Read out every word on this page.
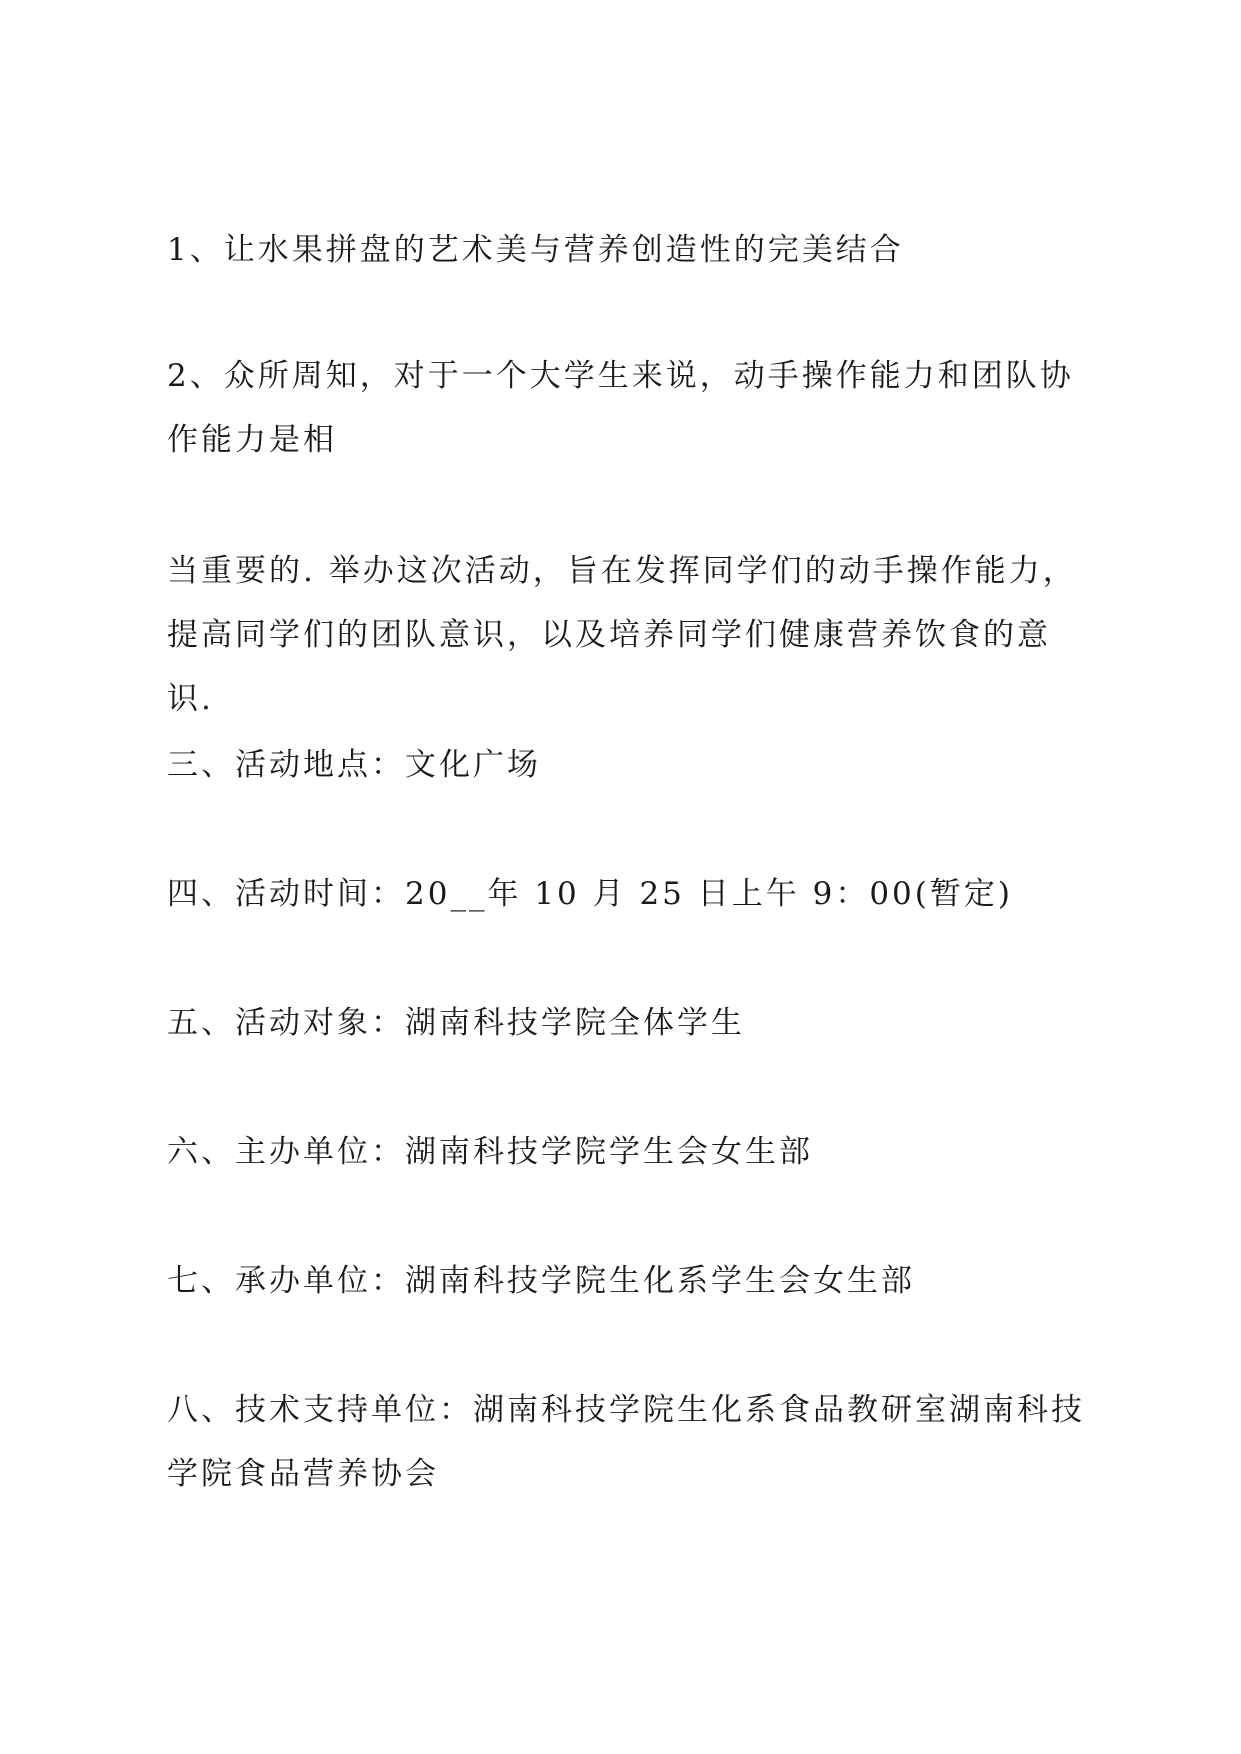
1、让水果拼盘的艺术美与营养创造性的完美结合

2、众所周知，对于一个大学生来说，动手操作能力和团队协作能力是相

当重要的. 举办这次活动，旨在发挥同学们的动手操作能力，提高同学们的团队意识，以及培养同学们健康营养饮食的意识.

三、活动地点：文化广场

四、活动时间：20__年 10 月 25 日上午 9：00(暂定)

五、活动对象：湖南科技学院全体学生

六、主办单位：湖南科技学院学生会女生部

七、承办单位：湖南科技学院生化系学生会女生部

八、技术支持单位：湖南科技学院生化系食品教研室湖南科技学院食品营养协会
